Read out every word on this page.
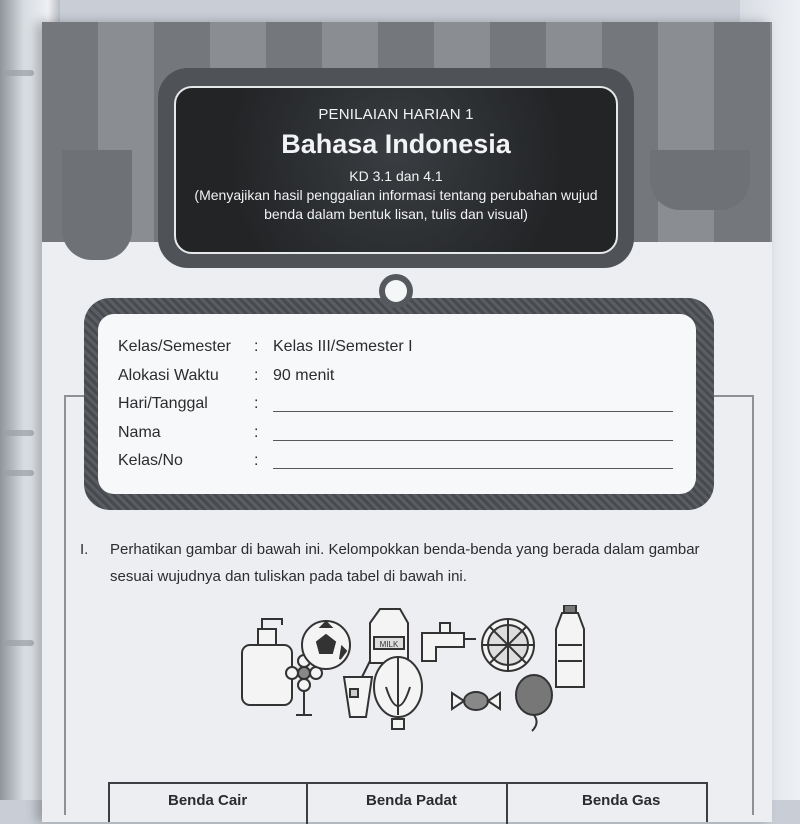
PENILAIAN HARIAN 1
Bahasa Indonesia
KD 3.1 dan 4.1
(Menyajikan hasil penggalian informasi tentang perubahan wujud benda dalam bentuk lisan, tulis dan visual)
Kelas/Semester	: Kelas III/Semester I
Alokasi Waktu	: 90 menit
Hari/Tanggal	:
Nama	:
Kelas/No	:
I. Perhatikan gambar di bawah ini. Kelompokkan benda-benda yang berada dalam gambar sesuai wujudnya dan tuliskan pada tabel di bawah ini.
MILK
Benda Cair	Benda Padat	Benda Gas
